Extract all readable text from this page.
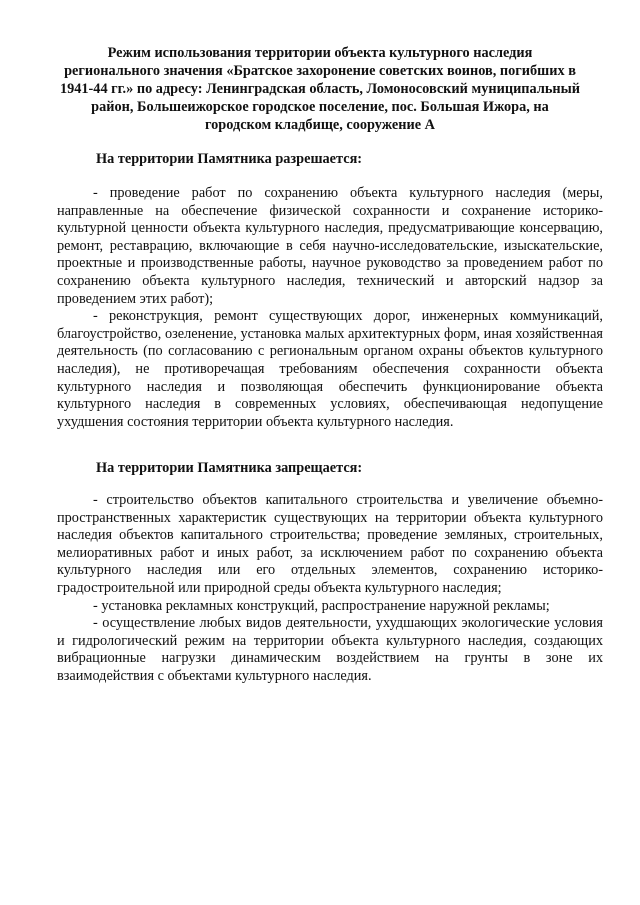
Режим использования территории объекта культурного наследия регионального значения «Братское захоронение советских воинов, погибших в 1941-44 гг.» по адресу: Ленинградская область, Ломоносовский муниципальный район, Большеижорское городское поселение, пос. Большая Ижора, на городском кладбище, сооружение А
На территории Памятника разрешается:

- проведение работ по сохранению объекта культурного наследия (меры, направленные на обеспечение физической сохранности и сохранение историко-культурной ценности объекта культурного наследия, предусматривающие консервацию, ремонт, реставрацию, включающие в себя научно-исследовательские, изыскательские, проектные и производственные работы, научное руководство за проведением работ по сохранению объекта культурного наследия, технический и авторский надзор за проведением этих работ);

- реконструкция, ремонт существующих дорог, инженерных коммуникаций, благоустройство, озеленение, установка малых архитектурных форм, иная хозяйственная деятельность (по согласованию с региональным органом охраны объектов культурного наследия), не противоречащая требованиям обеспечения сохранности объекта культурного наследия и позволяющая обеспечить функционирование объекта культурного наследия в современных условиях, обеспечивающая недопущение ухудшения состояния территории объекта культурного наследия.

На территории Памятника запрещается:

- строительство объектов капитального строительства и увеличение объемно-пространственных характеристик существующих на территории объекта культурного наследия объектов капитального строительства; проведение земляных, строительных, мелиоративных работ и иных работ, за исключением работ по сохранению объекта культурного наследия или его отдельных элементов, сохранению историко-градостроительной или природной среды объекта культурного наследия;

- установка рекламных конструкций, распространение наружной рекламы;

- осуществление любых видов деятельности, ухудшающих экологические условия и гидрологический режим на территории объекта культурного наследия, создающих вибрационные нагрузки динамическим воздействием на грунты в зоне их взаимодействия с объектами культурного наследия.
